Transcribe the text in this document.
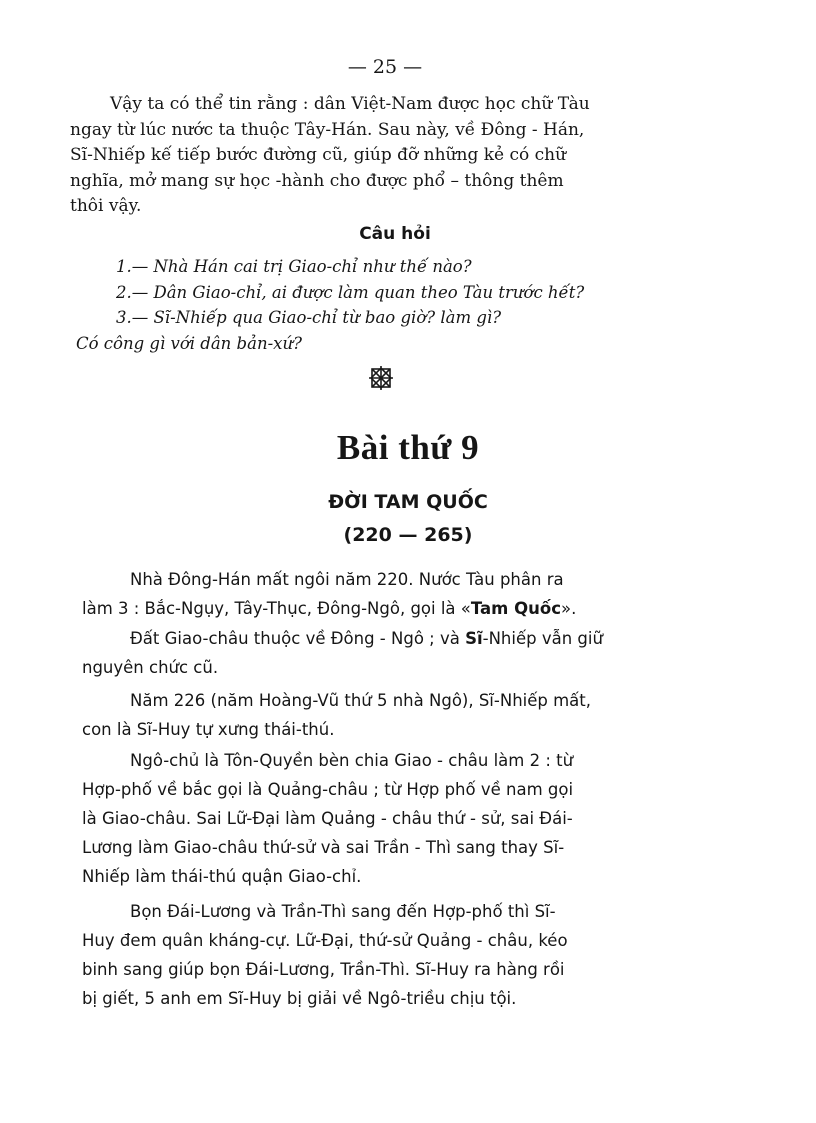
— 25 —
Vậy ta có thể tin rằng : dân Việt-Nam được học chữ Tàu
ngay từ lúc nước ta thuộc Tây-Hán. Sau này, về Đông - Hán,
Sĩ-Nhiếp kế tiếp bước đường cũ, giúp đỡ những kẻ có chữ
nghĩa, mở mang sự học -hành cho được phổ – thông thêm
thôi vậy.
Câu hỏi
1.— Nhà Hán cai trị Giao-chỉ như thế nào?
2.— Dân Giao-chỉ, ai được làm quan theo Tàu trước hết?
3.— Sĩ-Nhiếp qua Giao-chỉ từ bao giờ? làm gì?
Có công gì với dân bản-xứ?
Bài thứ 9
ĐỜI TAM QUỐC
(220 — 265)
Nhà Đông-Hán mất ngôi năm 220. Nước Tàu phân ra
làm 3 : Bắc-Ngụy, Tây-Thục, Đông-Ngô, gọi là «Tam Quốc».
Đất Giao-châu thuộc về Đông - Ngô ; và Sĩ-Nhiếp vẫn giữ
nguyên chức cũ.
Năm 226 (năm Hoàng-Vũ thứ 5 nhà Ngô), Sĩ-Nhiếp mất,
con là Sĩ-Huy tự xưng thái-thú.
Ngô-chủ là Tôn-Quyền bèn chia Giao - châu làm 2 : từ
Hợp-phố về bắc gọi là Quảng-châu ; từ Hợp phố về nam gọi
là Giao-châu. Sai Lữ-Đại làm Quảng - châu thứ - sử, sai Đái-
Lương làm Giao-châu thứ-sử và sai Trần - Thì sang thay Sĩ-
Nhiếp làm thái-thú quận Giao-chỉ.
Bọn Đái-Lương và Trần-Thì sang đến Hợp-phố thì Sĩ-
Huy đem quân kháng-cự. Lữ-Đại, thứ-sử Quảng - châu, kéo
binh sang giúp bọn Đái-Lương, Trần-Thì. Sĩ-Huy ra hàng rồi
bị giết, 5 anh em Sĩ-Huy bị giải về Ngô-triều chịu tội.
